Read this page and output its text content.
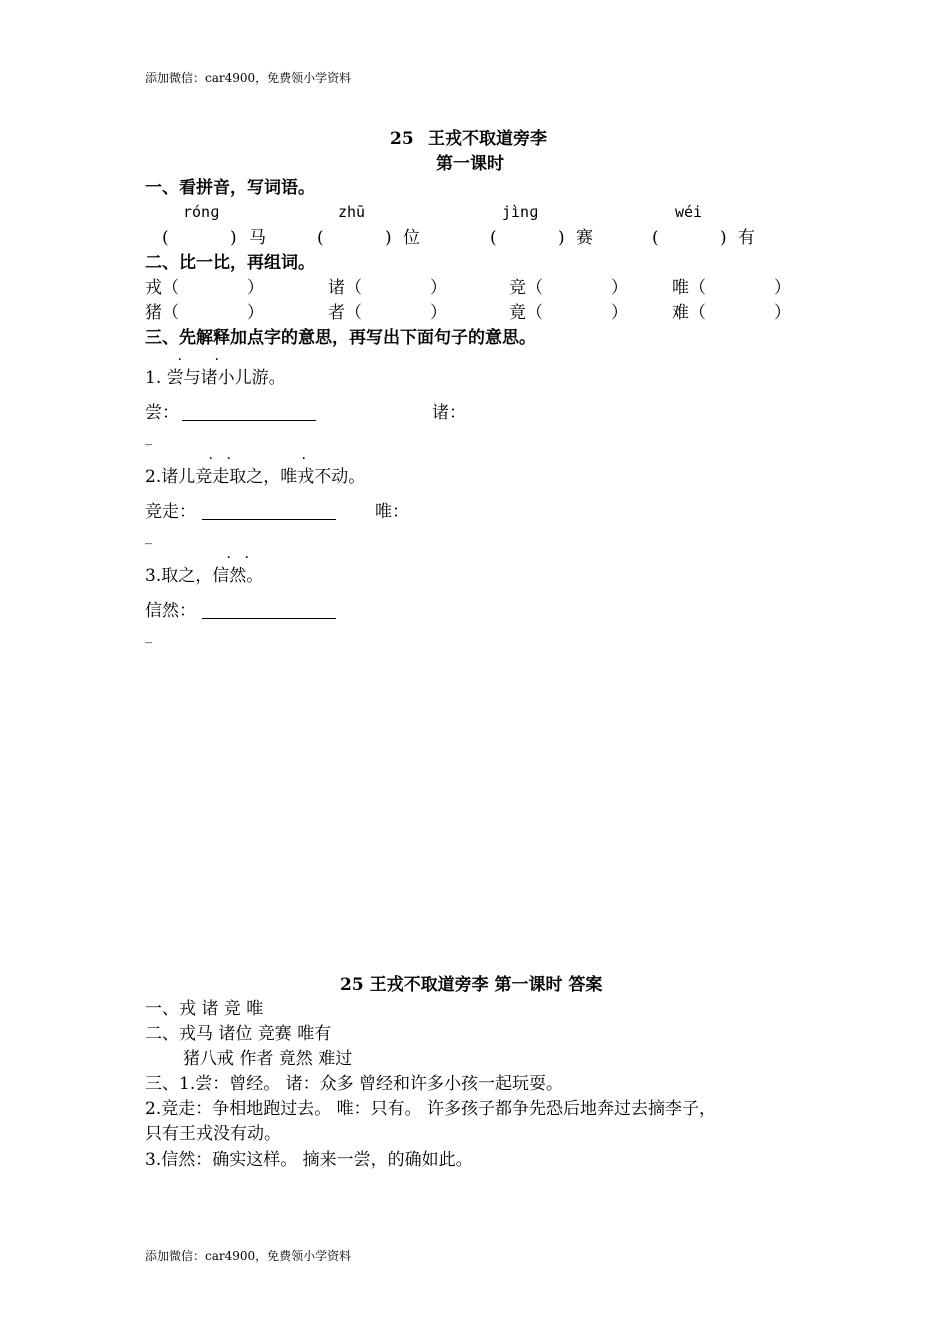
添加微信：car4900，免费领小学资料
25 王戎不取道旁李
第一课时
一、看拼音，写词语。
rónɡ	zhū	jìnɡ	wéi
(	) 马	(	) 位	(	) 赛	(	) 有
二、比一比，再组词。
戎（	）	诸（	）	竞（	）	唯（	）
猪（	）	者（	）	竟（	）	难（	）
三、先解释加点字的意思，再写出下面句子的意思。
.	.
1. 尝与诸小儿游。
尝：	诸：
_
. .	.
2.诸儿竞走取之，唯戎不动。
竞走：	唯：
_
. .
3.取之，信然。
信然：
_
25 王戎不取道旁李 第一课时 答案
一、戎 诸 竞 唯
二、戎马 诸位 竞赛 唯有
猪八戒 作者 竟然 难过
三、1.尝：曾经。 诸：众多 曾经和许多小孩一起玩耍。
2.竞走：争相地跑过去。 唯：只有。 许多孩子都争先恐后地奔过去摘李子，
只有王戎没有动。
3.信然：确实这样。 摘来一尝，的确如此。
添加微信：car4900，免费领小学资料
